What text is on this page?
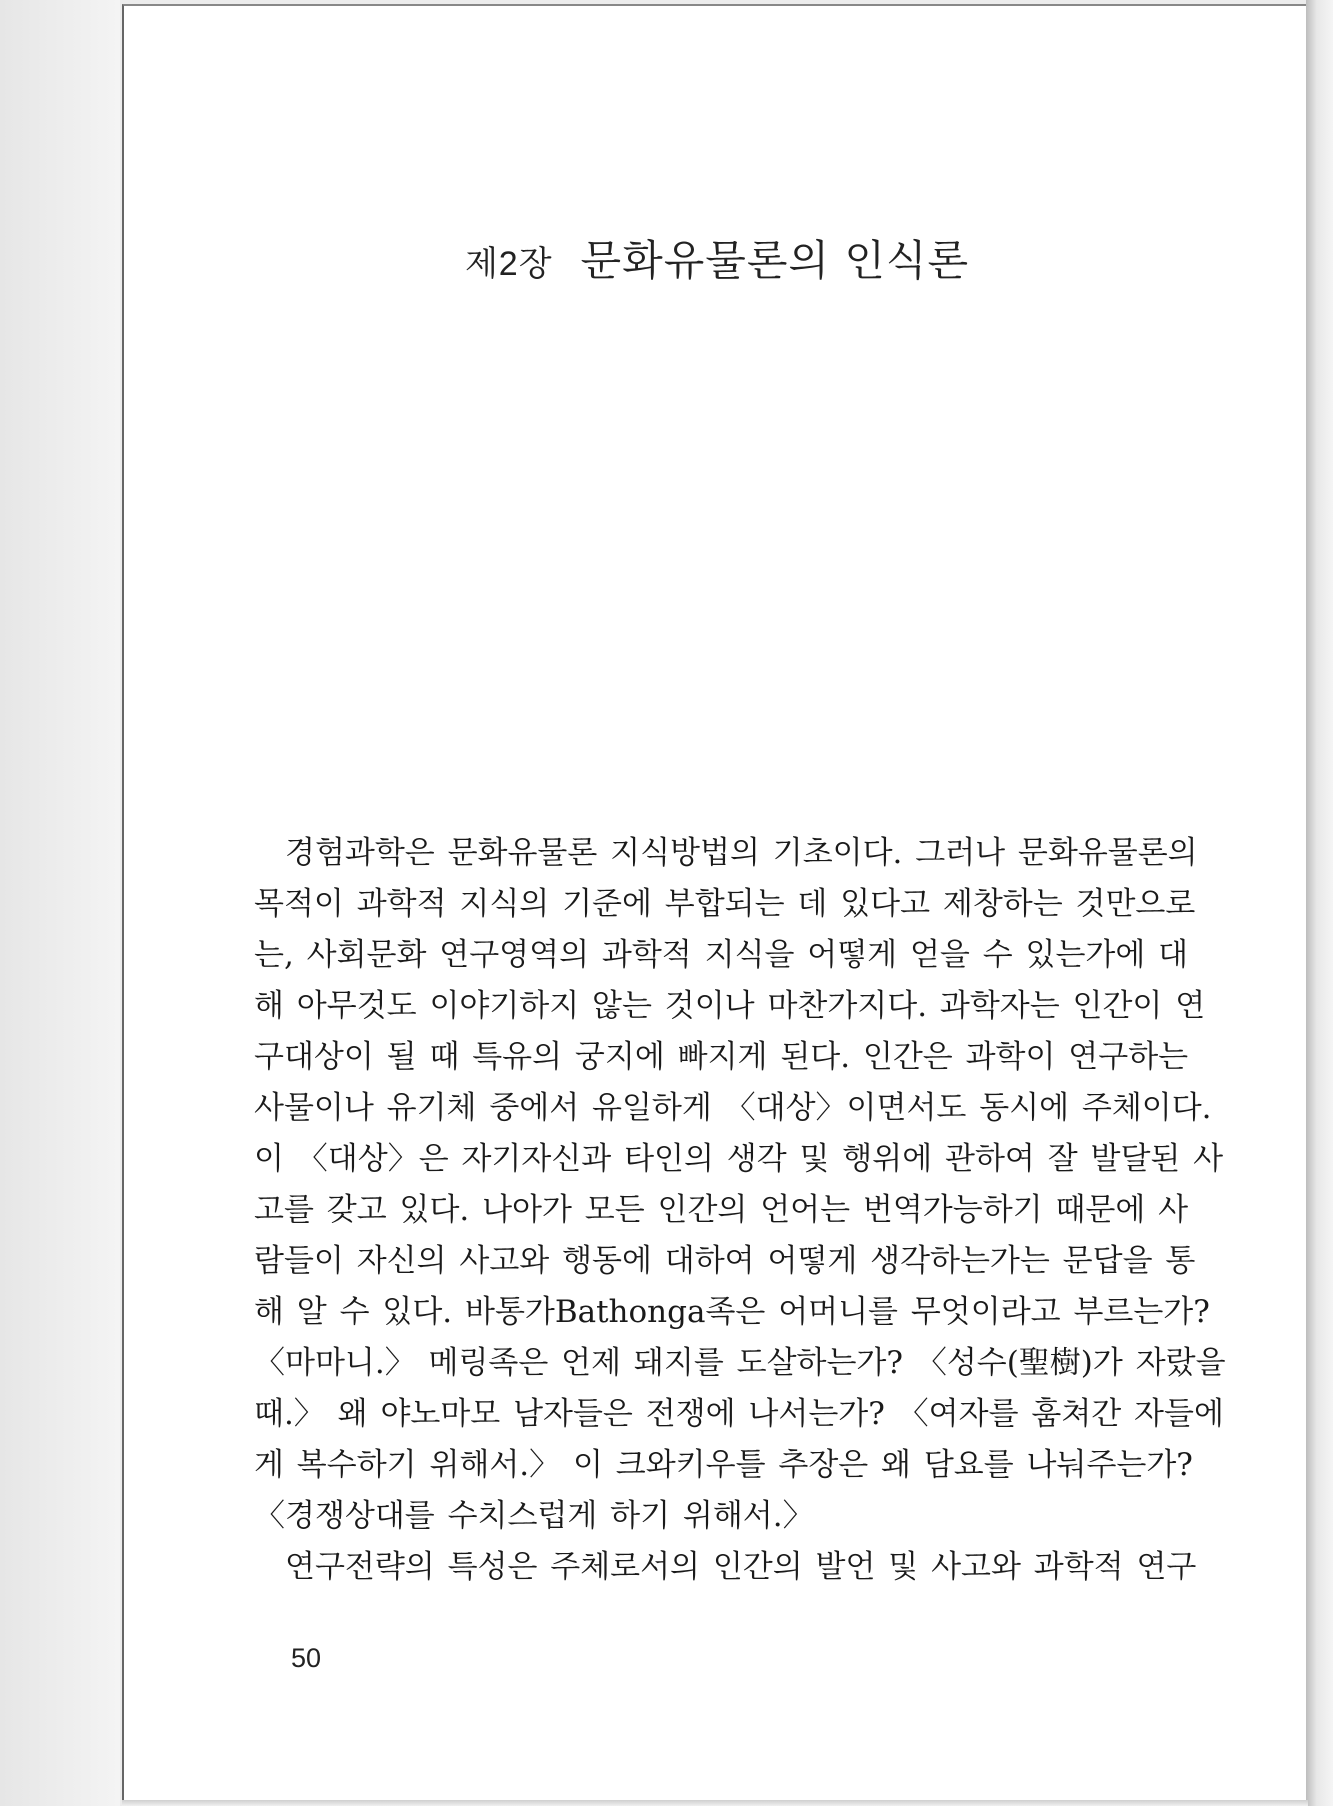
제2장 문화유물론의 인식론

　경험과학은 문화유물론 지식방법의 기초이다. 그러나 문화유물론의
목적이 과학적 지식의 기준에 부합되는 데 있다고 제창하는 것만으로
는, 사회문화 연구영역의 과학적 지식을 어떻게 얻을 수 있는가에 대
해 아무것도 이야기하지 않는 것이나 마찬가지다. 과학자는 인간이 연
구대상이 될 때 특유의 궁지에 빠지게 된다. 인간은 과학이 연구하는
사물이나 유기체 중에서 유일하게 〈대상〉이면서도 동시에 주체이다.
이 〈대상〉은 자기자신과 타인의 생각 및 행위에 관하여 잘 발달된 사
고를 갖고 있다. 나아가 모든 인간의 언어는 번역가능하기 때문에 사
람들이 자신의 사고와 행동에 대하여 어떻게 생각하는가는 문답을 통
해 알 수 있다. 바통가Bathonga족은 어머니를 무엇이라고 부르는가?
〈마마니.〉 메링족은 언제 돼지를 도살하는가? 〈성수(聖樹)가 자랐을
때.〉 왜 야노마모 남자들은 전쟁에 나서는가? 〈여자를 훔쳐간 자들에
게 복수하기 위해서.〉 이 크와키우틀 추장은 왜 담요를 나눠주는가?
〈경쟁상대를 수치스럽게 하기 위해서.〉

　연구전략의 특성은 주체로서의 인간의 발언 및 사고와 과학적 연구

50
